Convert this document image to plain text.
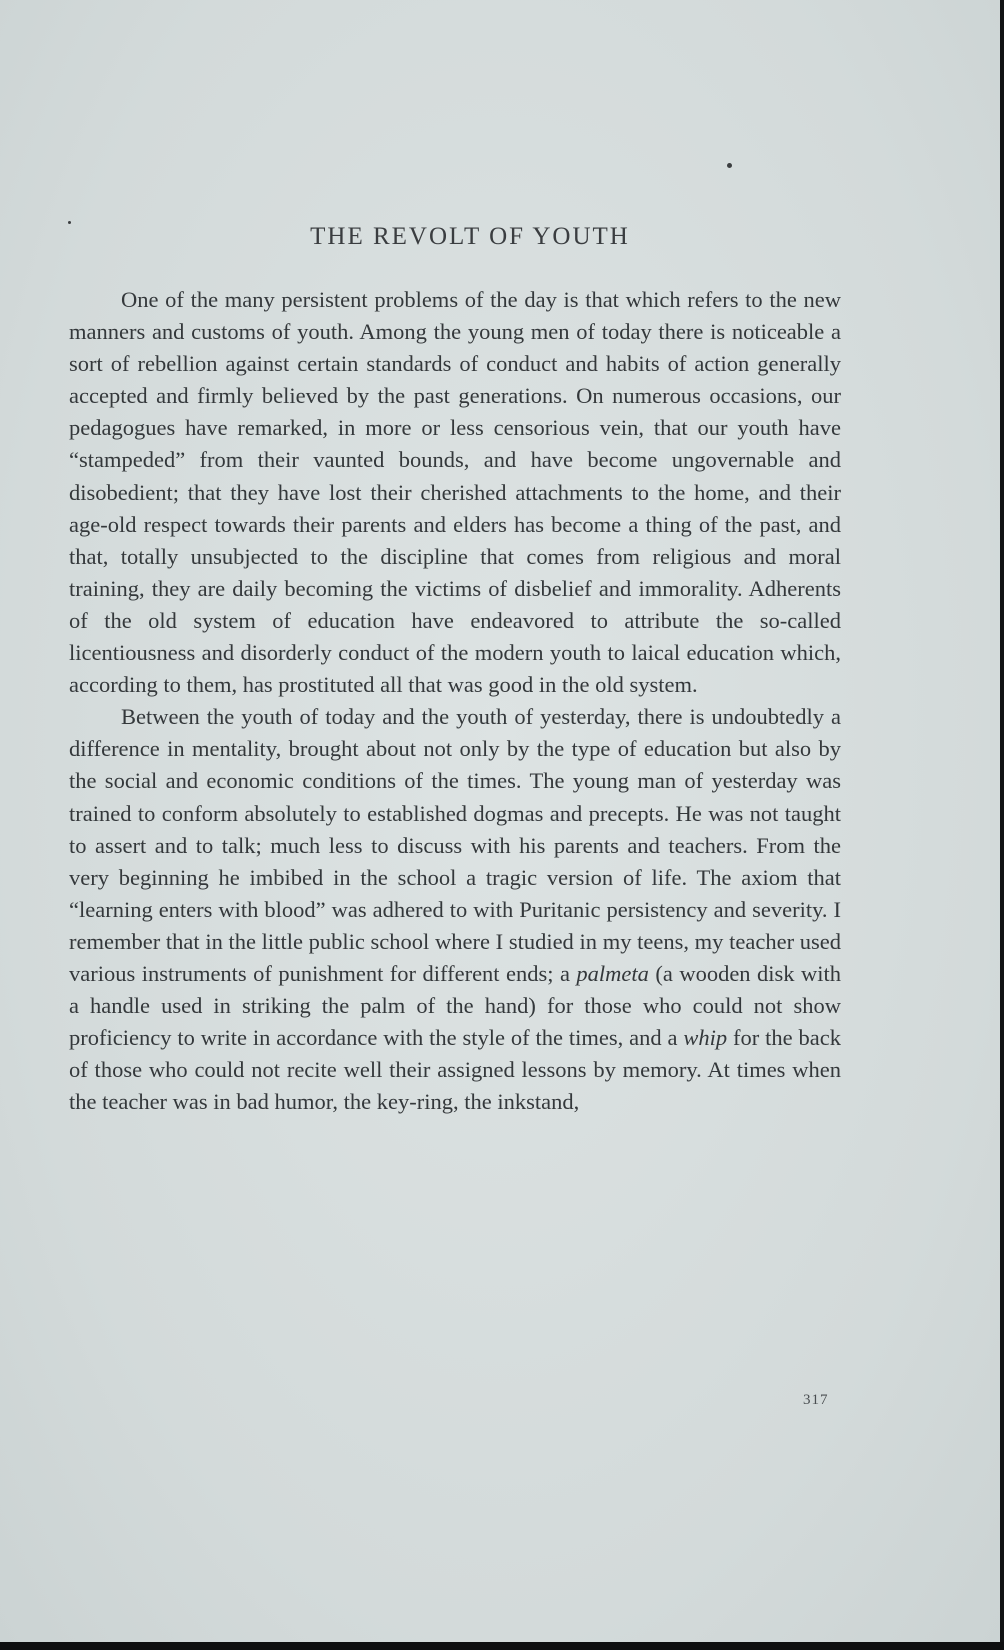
THE REVOLT OF YOUTH

One of the many persistent problems of the day is that which refers to the new manners and customs of youth. Among the young men of today there is noticeable a sort of rebellion against certain standards of conduct and habits of action generally accepted and firmly believed by the past generations. On numerous occasions, our pedagogues have remarked, in more or less censorious vein, that our youth have “stampeded” from their vaunted bounds, and have become ungovernable and disobedient; that they have lost their cherished attachments to the home, and their age-old respect towards their parents and elders has become a thing of the past, and that, totally unsubjected to the discipline that comes from religious and moral training, they are daily becoming the victims of disbelief and immorality. Adherents of the old system of education have endeavored to attribute the so-called licentiousness and disorderly conduct of the modern youth to laical education which, according to them, has prostituted all that was good in the old system.

Between the youth of today and the youth of yesterday, there is undoubtedly a difference in mentality, brought about not only by the type of education but also by the social and economic conditions of the times. The young man of yesterday was trained to conform absolutely to established dogmas and precepts. He was not taught to assert and to talk; much less to discuss with his parents and teachers. From the very beginning he imbibed in the school a tragic version of life. The axiom that “learning enters with blood” was adhered to with Puritanic persistency and severity. I remember that in the little public school where I studied in my teens, my teacher used various instruments of punishment for different ends; a palmeta (a wooden disk with a handle used in striking the palm of the hand) for those who could not show proficiency to write in accordance with the style of the times, and a whip for the back of those who could not recite well their assigned lessons by memory. At times when the teacher was in bad humor, the key-ring, the inkstand,

317
